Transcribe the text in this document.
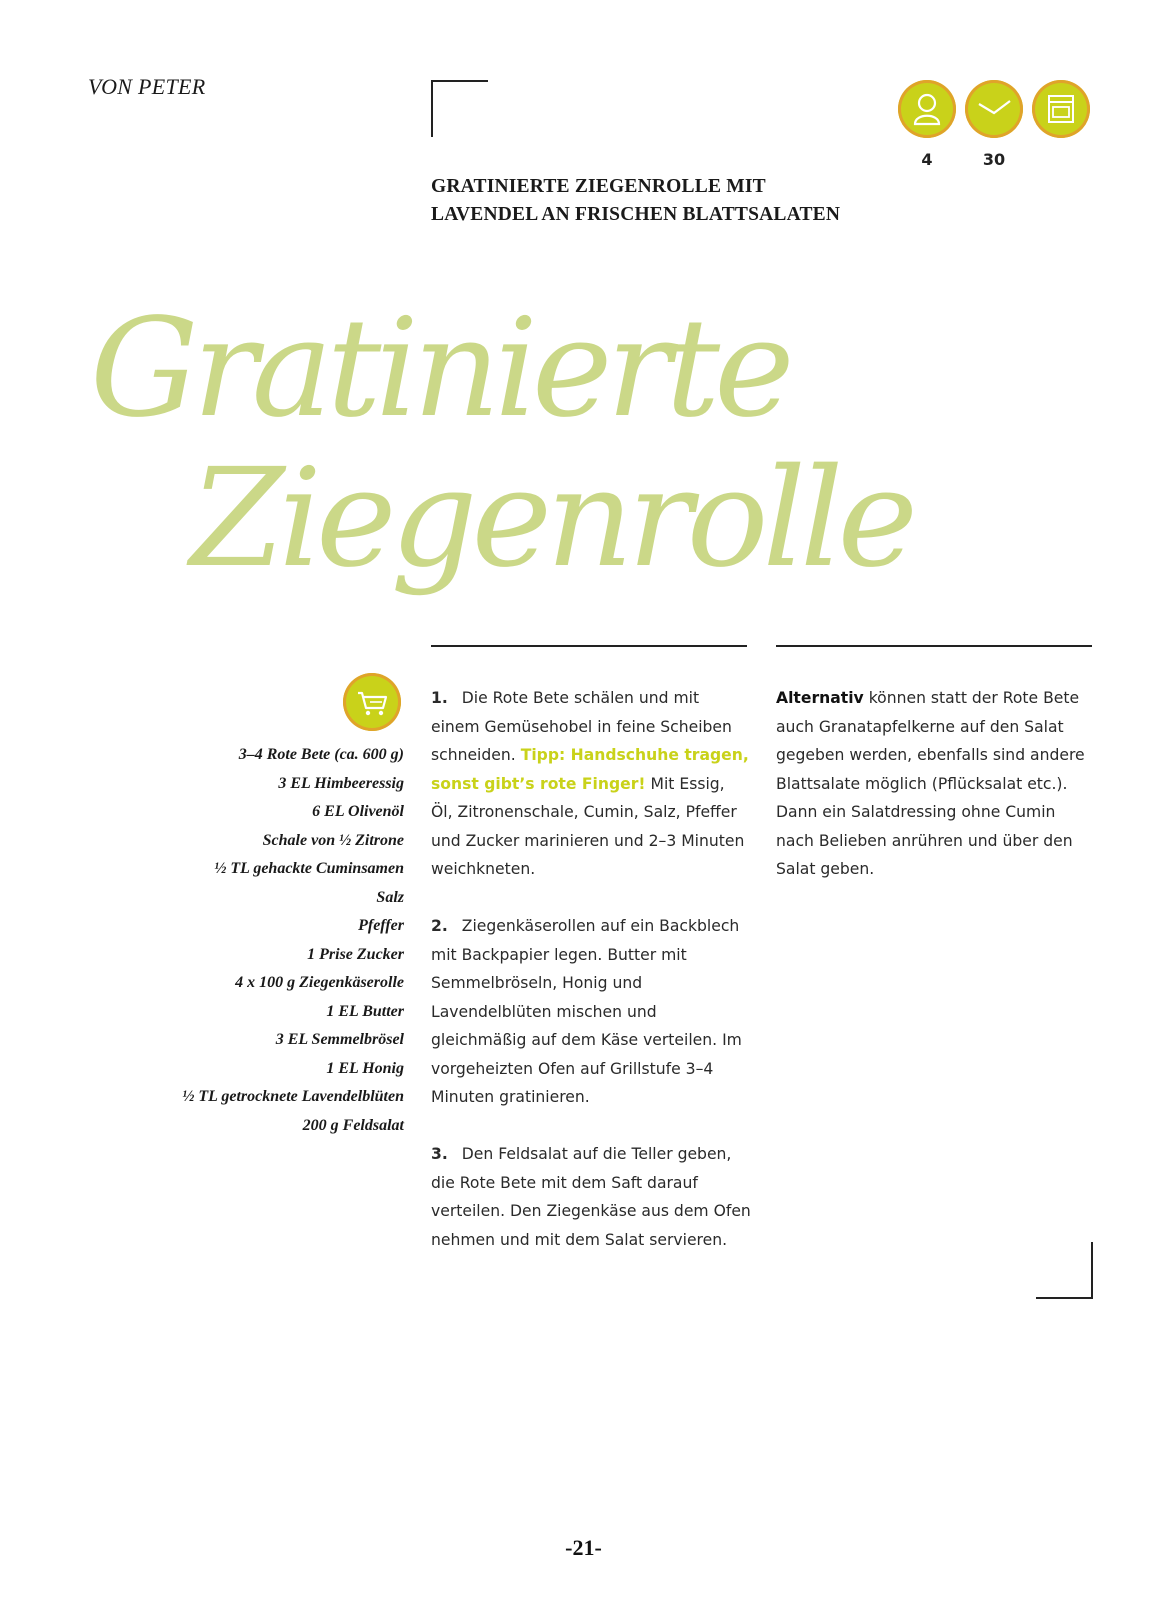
VON PETER
GRATINIERTE ZIEGENROLLE MIT
LAVENDEL AN FRISCHEN BLATTSALATEN
4	30
Gratinierte
Ziegenrolle
3–4 Rote Bete (ca. 600 g)
3 EL Himbeeressig
6 EL Olivenöl
Schale von ½ Zitrone
½ TL gehackte Cuminsamen
Salz
Pfeffer
1 Prise Zucker
4 x 100 g Ziegenkäserolle
1 EL Butter
3 EL Semmelbrösel
1 EL Honig
½ TL getrocknete Lavendelblüten
200 g Feldsalat

1. Die Rote Bete schälen und mit einem Gemüsehobel in feine Scheiben schneiden. Tipp: Handschuhe tragen, sonst gibt’s rote Finger! Mit Essig, Öl, Zitronenschale, Cumin, Salz, Pfeffer und Zucker marinieren und 2–3 Minuten weichkneten.

2. Ziegenkäserollen auf ein Backblech mit Backpapier legen. Butter mit Semmelbröseln, Honig und Lavendelblüten mischen und gleichmäßig auf dem Käse verteilen. Im vorgeheizten Ofen auf Grillstufe 3–4 Minuten gratinieren.

3. Den Feldsalat auf die Teller geben, die Rote Bete mit dem Saft darauf verteilen. Den Ziegenkäse aus dem Ofen nehmen und mit dem Salat servieren.

Alternativ können statt der Rote Bete auch Granatapfelkerne auf den Salat gegeben werden, ebenfalls sind andere Blattsalate möglich (Pflücksalat etc.). Dann ein Salatdressing ohne Cumin nach Belieben anrühren und über den Salat geben.
-21-
